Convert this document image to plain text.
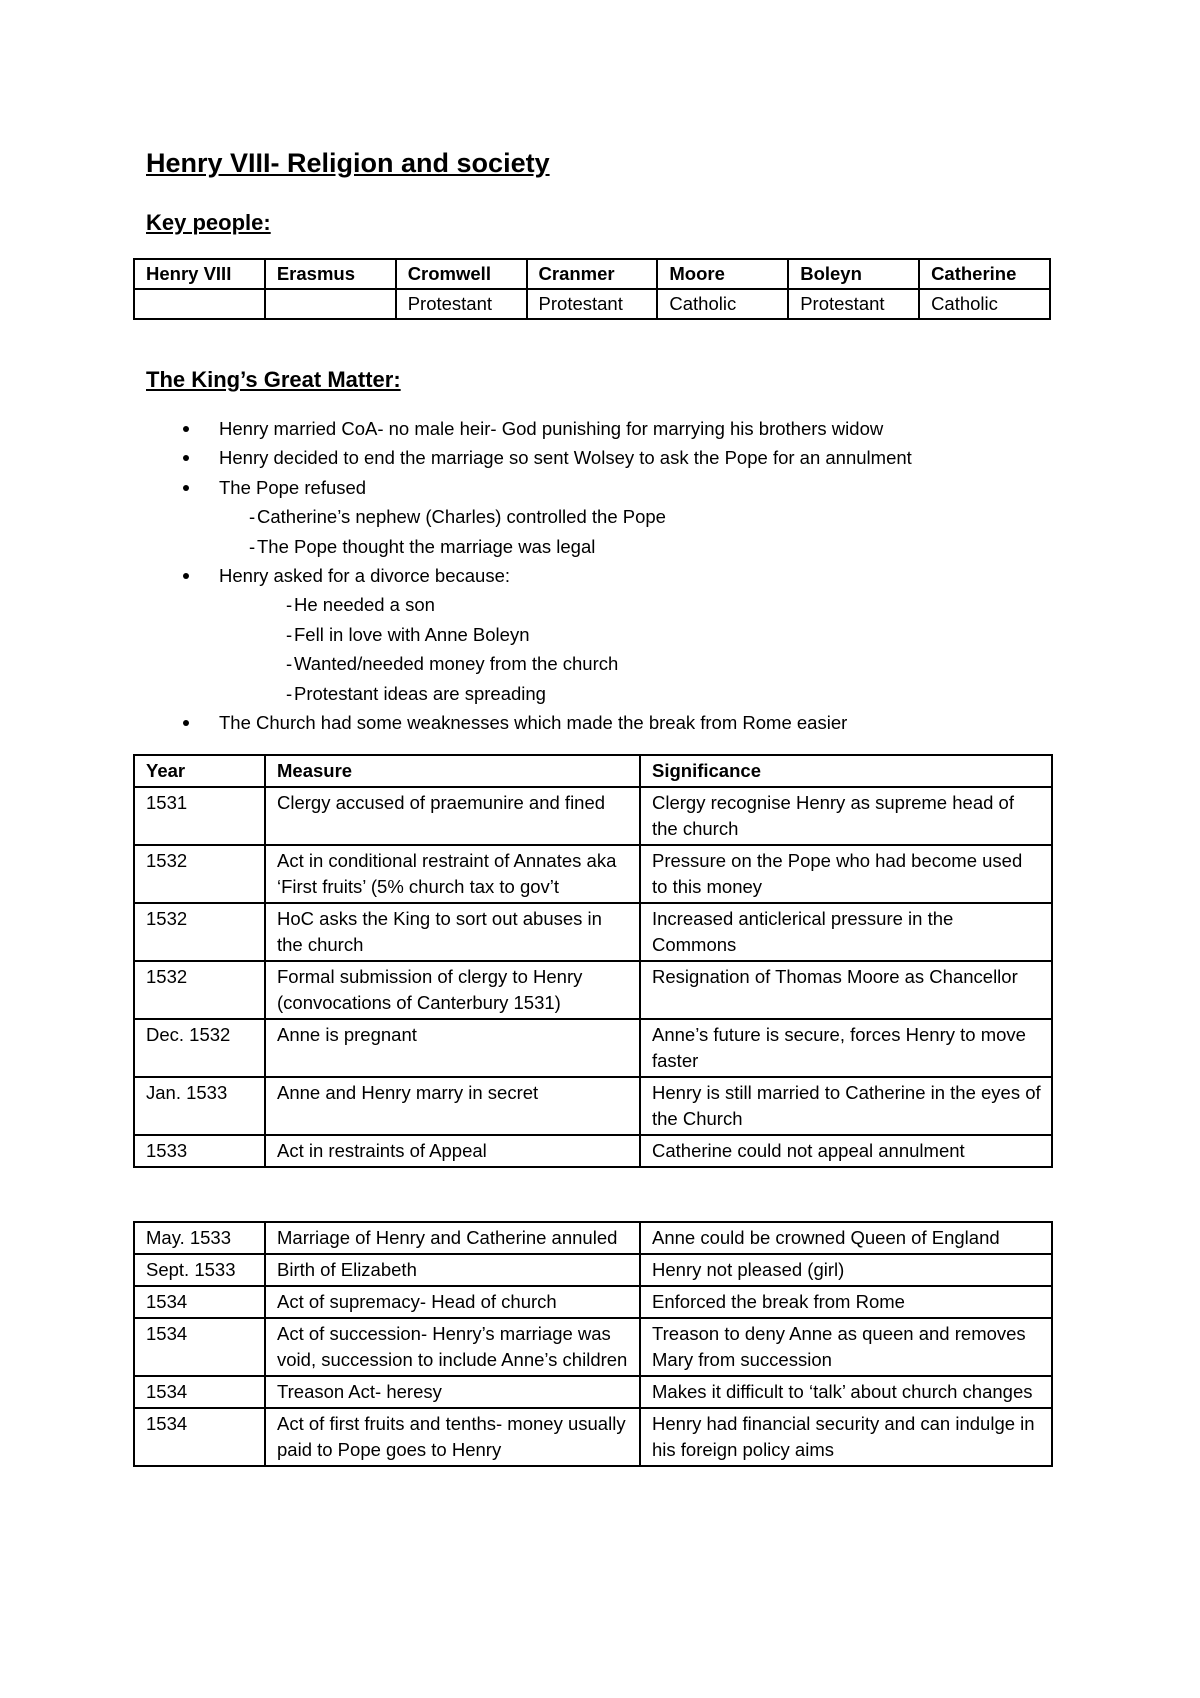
Henry VIII- Religion and society
Key people:
Henry VIII	Erasmus	Cromwell	Cranmer	Moore	Boleyn	Catherine
		Protestant	Protestant	Catholic	Protestant	Catholic
The King’s Great Matter:
Henry married CoA- no male heir- God punishing for marrying his brothers widow
Henry decided to end the marriage so sent Wolsey to ask the Pope for an annulment
The Pope refused
- Catherine’s nephew (Charles) controlled the Pope
- The Pope thought the marriage was legal
Henry asked for a divorce because:
- He needed a son
- Fell in love with Anne Boleyn
- Wanted/needed money from the church
- Protestant ideas are spreading
The Church had some weaknesses which made the break from Rome easier
Year	Measure	Significance
1531	Clergy accused of praemunire and fined	Clergy recognise Henry as supreme head of the church
1532	Act in conditional restraint of Annates aka ‘First fruits’ (5% church tax to gov’t	Pressure on the Pope who had become used to this money
1532	HoC asks the King to sort out abuses in the church	Increased anticlerical pressure in the Commons
1532	Formal submission of clergy to Henry (convocations of Canterbury 1531)	Resignation of Thomas Moore as Chancellor
Dec. 1532	Anne is pregnant	Anne’s future is secure, forces Henry to move faster
Jan. 1533	Anne and Henry marry in secret	Henry is still married to Catherine in the eyes of the Church
1533	Act in restraints of Appeal	Catherine could not appeal annulment
May. 1533	Marriage of Henry and Catherine annuled	Anne could be crowned Queen of England
Sept. 1533	Birth of Elizabeth	Henry not pleased (girl)
1534	Act of supremacy- Head of church	Enforced the break from Rome
1534	Act of succession- Henry’s marriage was void, succession to include Anne’s children	Treason to deny Anne as queen and removes Mary from succession
1534	Treason Act- heresy	Makes it difficult to ‘talk’ about church changes
1534	Act of first fruits and tenths- money usually paid to Pope goes to Henry	Henry had financial security and can indulge in his foreign policy aims
